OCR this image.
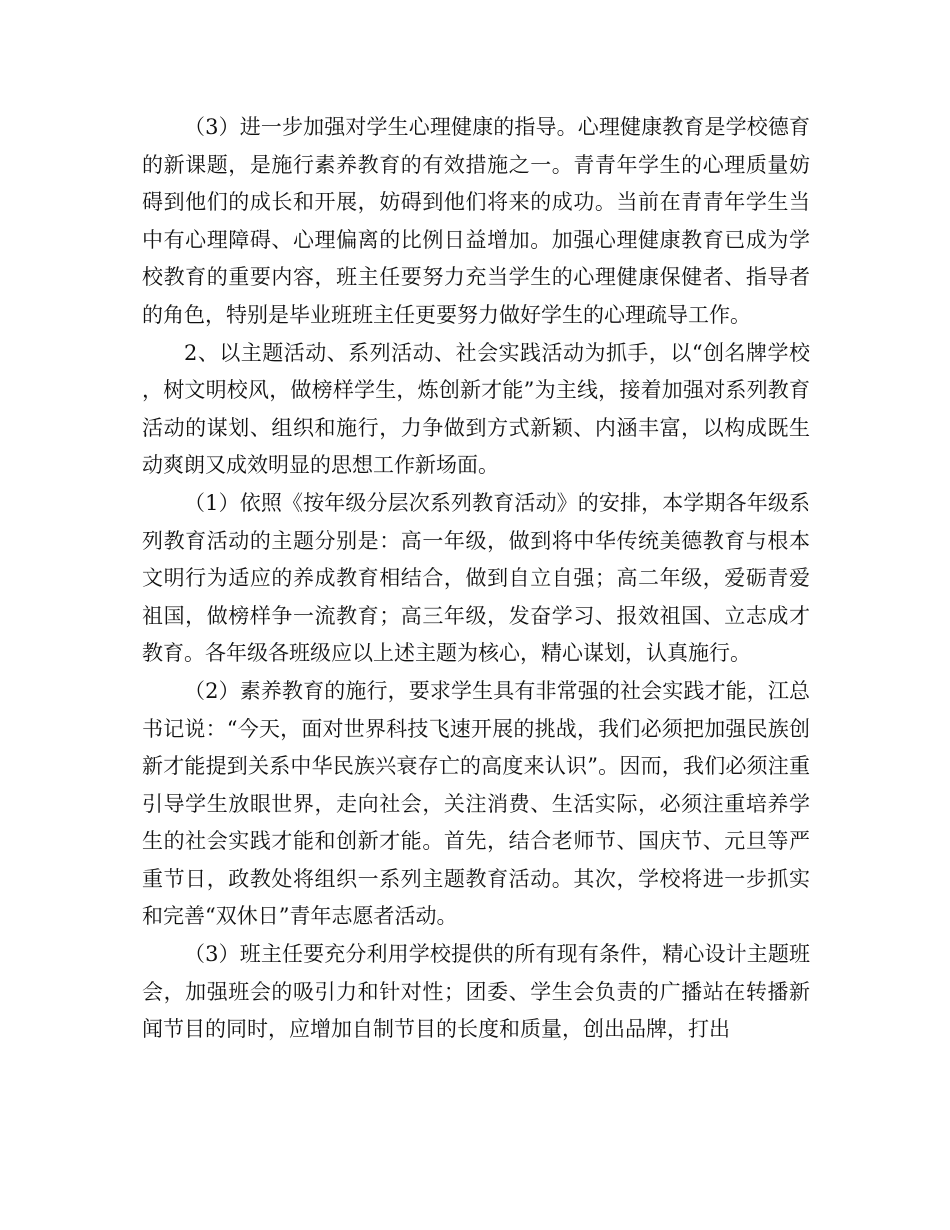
（3）进一步加强对学生心理健康的指导。心理健康教育是学校德育的新课题，是施行素养教育的有效措施之一。青青年学生的心理质量妨碍到他们的成长和开展，妨碍到他们将来的成功。当前在青青年学生当中有心理障碍、心理偏离的比例日益增加。加强心理健康教育已成为学校教育的重要内容，班主任要努力充当学生的心理健康保健者、指导者的角色，特别是毕业班班主任更要努力做好学生的心理疏导工作。

2、以主题活动、系列活动、社会实践活动为抓手，以“创名牌学校，树文明校风，做榜样学生，炼创新才能”为主线，接着加强对系列教育活动的谋划、组织和施行，力争做到方式新颖、内涵丰富，以构成既生动爽朗又成效明显的思想工作新场面。

（1）依照《按年级分层次系列教育活动》的安排，本学期各年级系列教育活动的主题分别是：高一年级，做到将中华传统美德教育与根本文明行为适应的养成教育相结合，做到自立自强；高二年级，爱砺青爱祖国，做榜样争一流教育；高三年级，发奋学习、报效祖国、立志成才教育。各年级各班级应以上述主题为核心，精心谋划，认真施行。

（2）素养教育的施行，要求学生具有非常强的社会实践才能，江总书记说：“今天，面对世界科技飞速开展的挑战，我们必须把加强民族创新才能提到关系中华民族兴衰存亡的高度来认识”。因而，我们必须注重引导学生放眼世界，走向社会，关注消费、生活实际，必须注重培养学生的社会实践才能和创新才能。首先，结合老师节、国庆节、元旦等严重节日，政教处将组织一系列主题教育活动。其次，学校将进一步抓实和完善“双休日”青年志愿者活动。

（3）班主任要充分利用学校提供的所有现有条件，精心设计主题班会，加强班会的吸引力和针对性；团委、学生会负责的广播站在转播新闻节目的同时，应增加自制节目的长度和质量，创出品牌，打出
